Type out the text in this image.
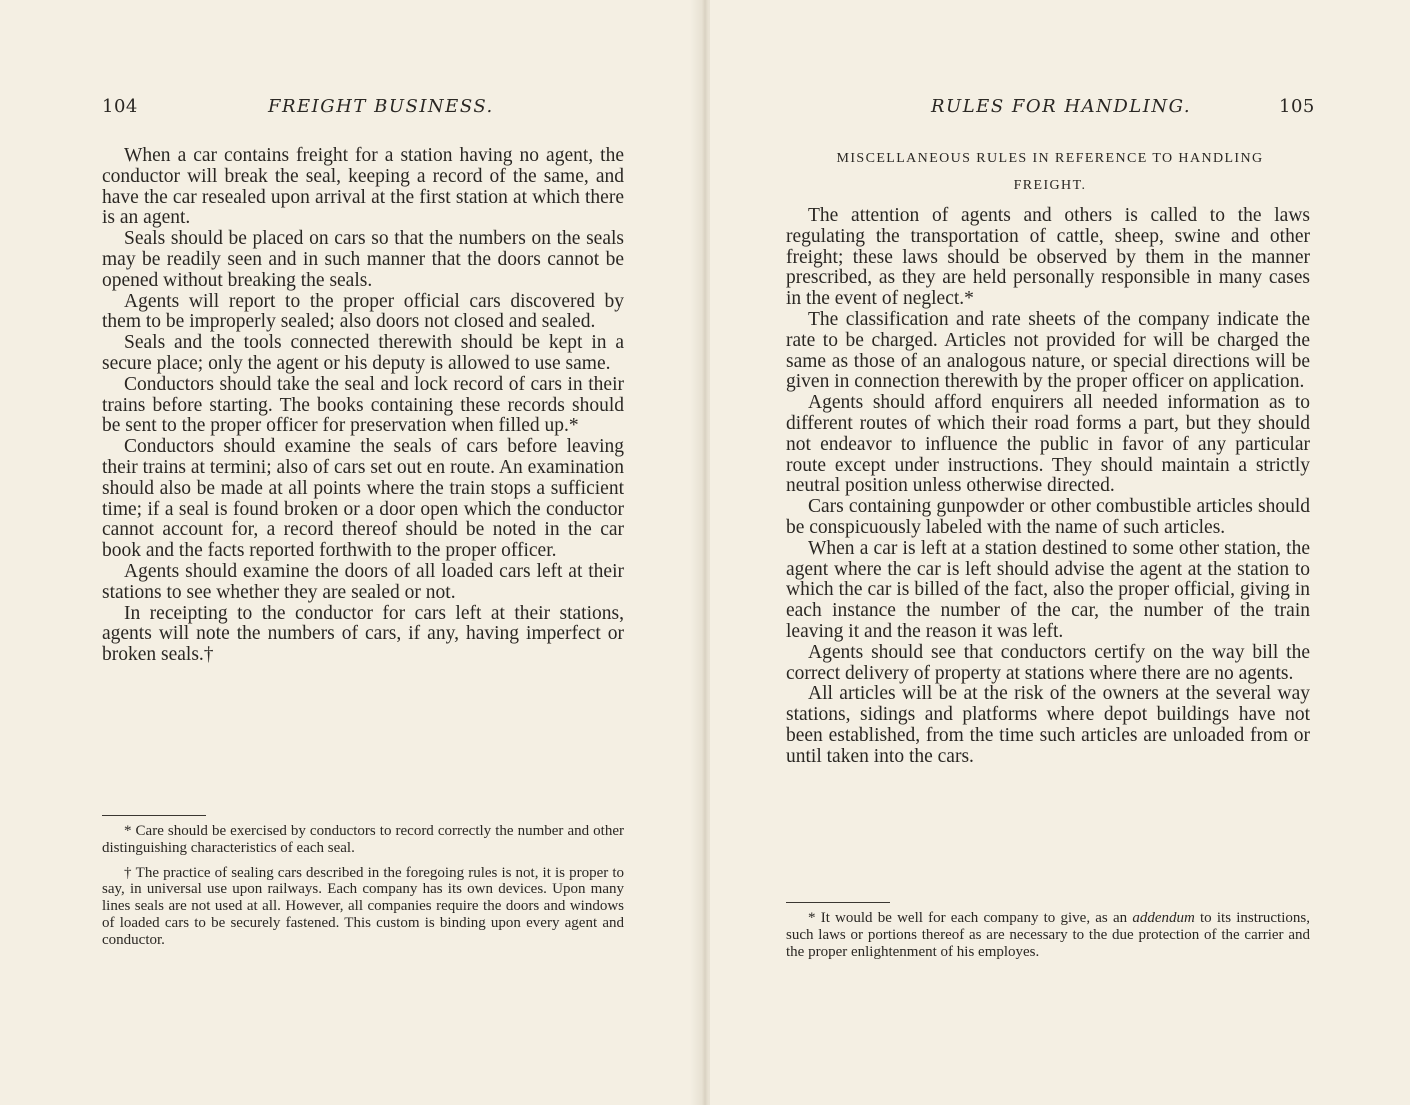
104	FREIGHT BUSINESS.

When a car contains freight for a station having no agent, the conductor will break the seal, keeping a record of the same, and have the car resealed upon arrival at the first station at which there is an agent.

Seals should be placed on cars so that the numbers on the seals may be readily seen and in such manner that the doors cannot be opened without breaking the seals.

Agents will report to the proper official cars discovered by them to be improperly sealed; also doors not closed and sealed.

Seals and the tools connected therewith should be kept in a secure place; only the agent or his deputy is allowed to use same.

Conductors should take the seal and lock record of cars in their trains before starting. The books containing these records should be sent to the proper officer for preservation when filled up.*

Conductors should examine the seals of cars before leaving their trains at termini; also of cars set out en route. An examination should also be made at all points where the train stops a sufficient time; if a seal is found broken or a door open which the conductor cannot account for, a record thereof should be noted in the car book and the facts reported forthwith to the proper officer.

Agents should examine the doors of all loaded cars left at their stations to see whether they are sealed or not.

In receipting to the conductor for cars left at their stations, agents will note the numbers of cars, if any, having imperfect or broken seals.†

* Care should be exercised by conductors to record correctly the number and other distinguishing characteristics of each seal.

† The practice of sealing cars described in the foregoing rules is not, it is proper to say, in universal use upon railways. Each company has its own devices. Upon many lines seals are not used at all. However, all companies require the doors and windows of loaded cars to be securely fastened. This custom is binding upon every agent and conductor.

RULES FOR HANDLING.	105
MISCELLANEOUS RULES IN REFERENCE TO HANDLING
FREIGHT.

The attention of agents and others is called to the laws regulating the transportation of cattle, sheep, swine and other freight; these laws should be observed by them in the manner prescribed, as they are held personally responsible in many cases in the event of neglect.*

The classification and rate sheets of the company indicate the rate to be charged. Articles not provided for will be charged the same as those of an analogous nature, or special directions will be given in connection therewith by the proper officer on application.

Agents should afford enquirers all needed information as to different routes of which their road forms a part, but they should not endeavor to influence the public in favor of any particular route except under instructions. They should maintain a strictly neutral position unless otherwise directed.

Cars containing gunpowder or other combustible articles should be conspicuously labeled with the name of such articles.

When a car is left at a station destined to some other station, the agent where the car is left should advise the agent at the station to which the car is billed of the fact, also the proper official, giving in each instance the number of the car, the number of the train leaving it and the reason it was left.

Agents should see that conductors certify on the way bill the correct delivery of property at stations where there are no agents.

All articles will be at the risk of the owners at the several way stations, sidings and platforms where depot buildings have not been established, from the time such articles are unloaded from or until taken into the cars.

* It would be well for each company to give, as an addendum to its instructions, such laws or portions thereof as are necessary to the due protection of the carrier and the proper enlightenment of his employes.
